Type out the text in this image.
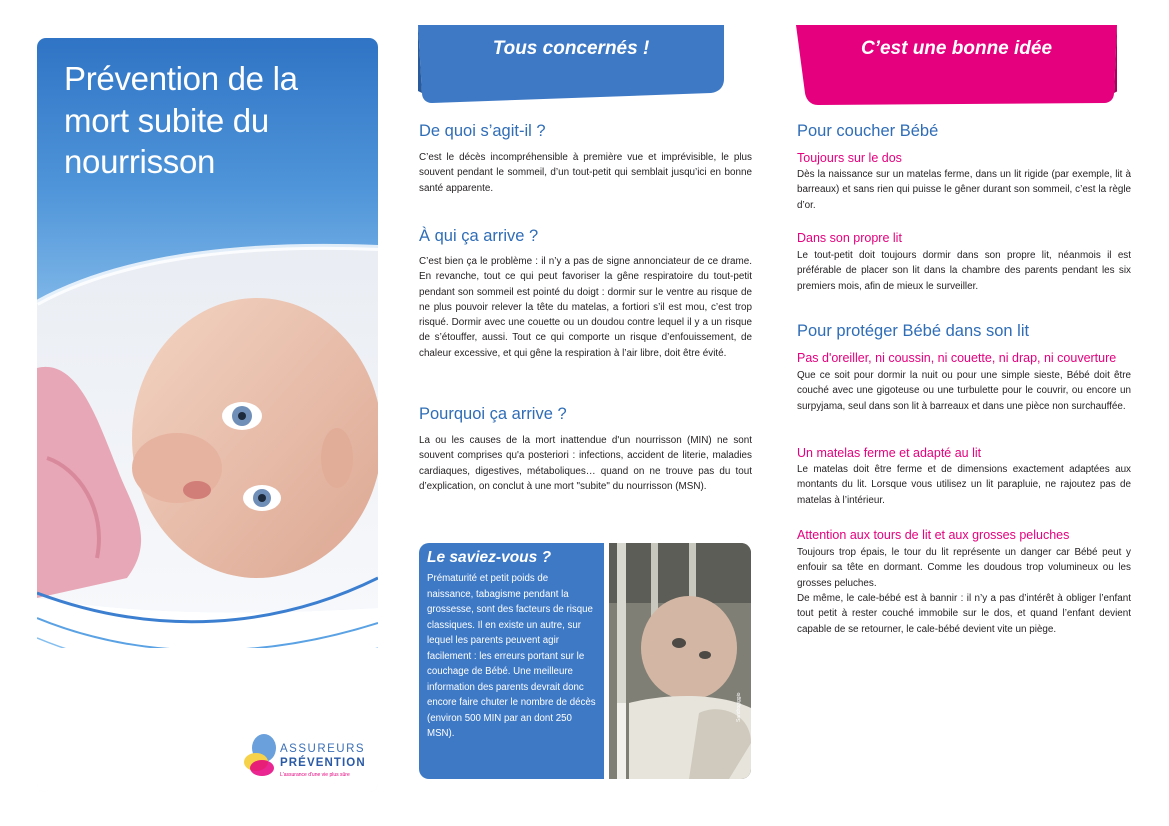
Prévention de la mort subite du nourrisson
ASSUREURS
PRÉVENTION
L'assurance d'une vie plus sûre
Tous concernés !
De quoi s’agit-il ?

C’est le décès incompréhensible à première vue et imprévisible, le plus souvent pendant le sommeil, d’un tout-petit qui semblait jusqu’ici en bonne santé apparente.

À qui ça arrive ?

C’est bien ça le problème : il n’y a pas de signe annonciateur de ce drame. En revanche, tout ce qui peut favoriser la gêne respiratoire du tout-petit pendant son sommeil est pointé du doigt : dormir sur le ventre au risque de ne plus pouvoir relever la tête du matelas, a fortiori s’il est mou, c’est trop risqué. Dormir avec une couette ou un doudou contre lequel il y a un risque de s’étouffer, aussi. Tout ce qui comporte un risque d’enfouissement, de chaleur excessive, et qui gêne la respiration à l’air libre, doit être évité.

Pourquoi ça arrive ?

La ou les causes de la mort inattendue d'un nourrisson (MIN) ne sont souvent comprises qu'a posteriori : infections, accident de literie, maladies cardiaques, digestives, métaboliques… quand on ne trouve pas du tout d’explication, on conclut à une mort "subite" du nourrisson (MSN).

Le saviez-vous ?

Prématurité et petit poids de naissance, tabagisme pendant la grossesse, sont des facteurs de risque classiques. Il en existe un autre, sur lequel les parents peuvent agir facilement : les erreurs portant sur le couchage de Bébé. Une meilleure information des parents devrait donc encore faire chuter le nombre de décès (environ 500 MIN par an dont 250 MSN).

Sandrogiggio
C’est une bonne idée
Pour coucher Bébé
Toujours sur le dos

Dès la naissance sur un matelas ferme, dans un lit rigide (par exemple, lit à barreaux) et sans rien qui puisse le gêner durant son sommeil, c’est la règle d’or.

Dans son propre lit

Le tout-petit doit toujours dormir dans son propre lit, néanmois il est préférable de placer son lit dans la chambre des parents pendant les six premiers mois, afin de mieux le surveiller.

Pour protéger Bébé dans son lit
Pas d'oreiller, ni coussin, ni couette, ni drap, ni couverture

Que ce soit pour dormir la nuit ou pour une simple sieste, Bébé doit être couché avec une gigoteuse ou une turbulette pour le couvrir, ou encore un surpyjama, seul dans son lit à barreaux et dans une pièce non surchauffée.

Un matelas ferme et adapté au lit

Le matelas doit être ferme et de dimensions exactement adaptées aux montants du lit. Lorsque vous utilisez un lit parapluie, ne rajoutez pas de matelas à l’intérieur.

Attention aux tours de lit et aux grosses peluches

Toujours trop épais, le tour du lit représente un danger car Bébé peut y enfouir sa tête en dormant. Comme les doudous trop volumineux ou les grosses peluches.

De même, le cale-bébé est à bannir : il n’y a pas d’intérêt à obliger l’enfant tout petit à rester couché immobile sur le dos, et quand l’enfant devient capable de se retourner, le cale-bébé devient vite un piège.
